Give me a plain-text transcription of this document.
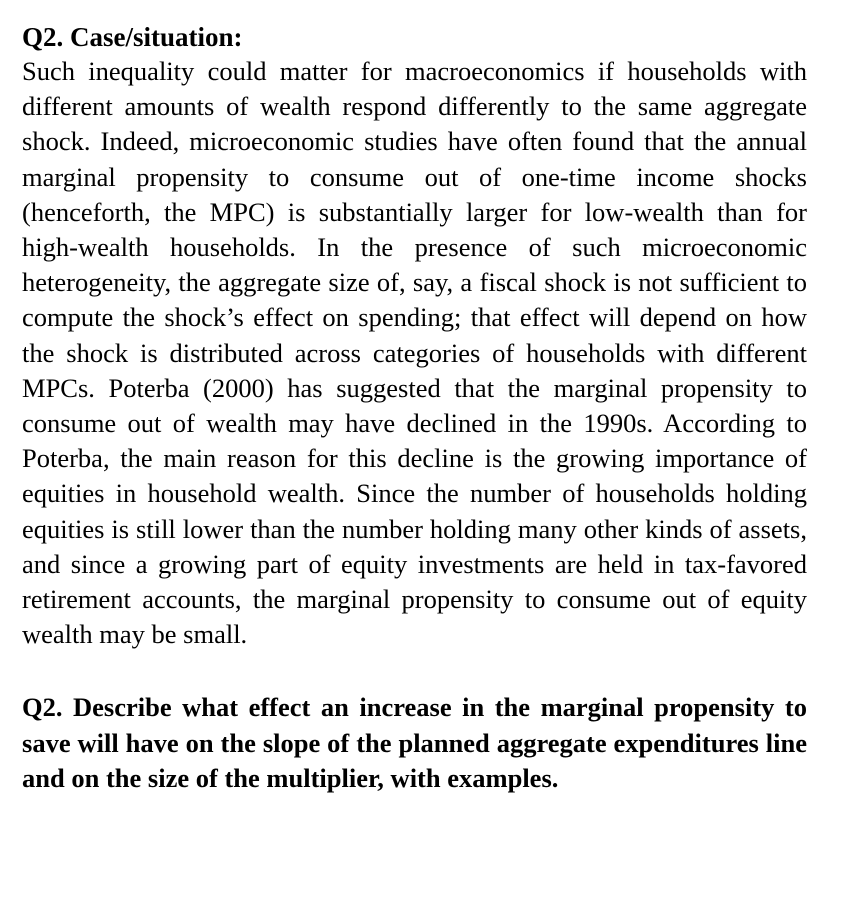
Q2. Case/situation:

Such inequality could matter for macroeconomics if households with different amounts of wealth respond differently to the same aggregate shock. Indeed, microeconomic studies have often found that the annual marginal propensity to consume out of one-time income shocks (henceforth, the MPC) is substantially larger for low-wealth than for high-wealth households. In the presence of such microeconomic heterogeneity, the aggregate size of, say, a fiscal shock is not sufficient to compute the shock’s effect on spending; that effect will depend on how the shock is distributed across categories of households with different MPCs. Poterba (2000) has suggested that the marginal propensity to consume out of wealth may have declined in the 1990s. According to Poterba, the main reason for this decline is the growing importance of equities in household wealth. Since the number of households holding equities is still lower than the number holding many other kinds of assets, and since a growing part of equity investments are held in tax-favored retirement accounts, the marginal propensity to consume out of equity wealth may be small.

Q2. Describe what effect an increase in the marginal propensity to save will have on the slope of the planned aggregate expenditures line and on the size of the multiplier, with examples.
